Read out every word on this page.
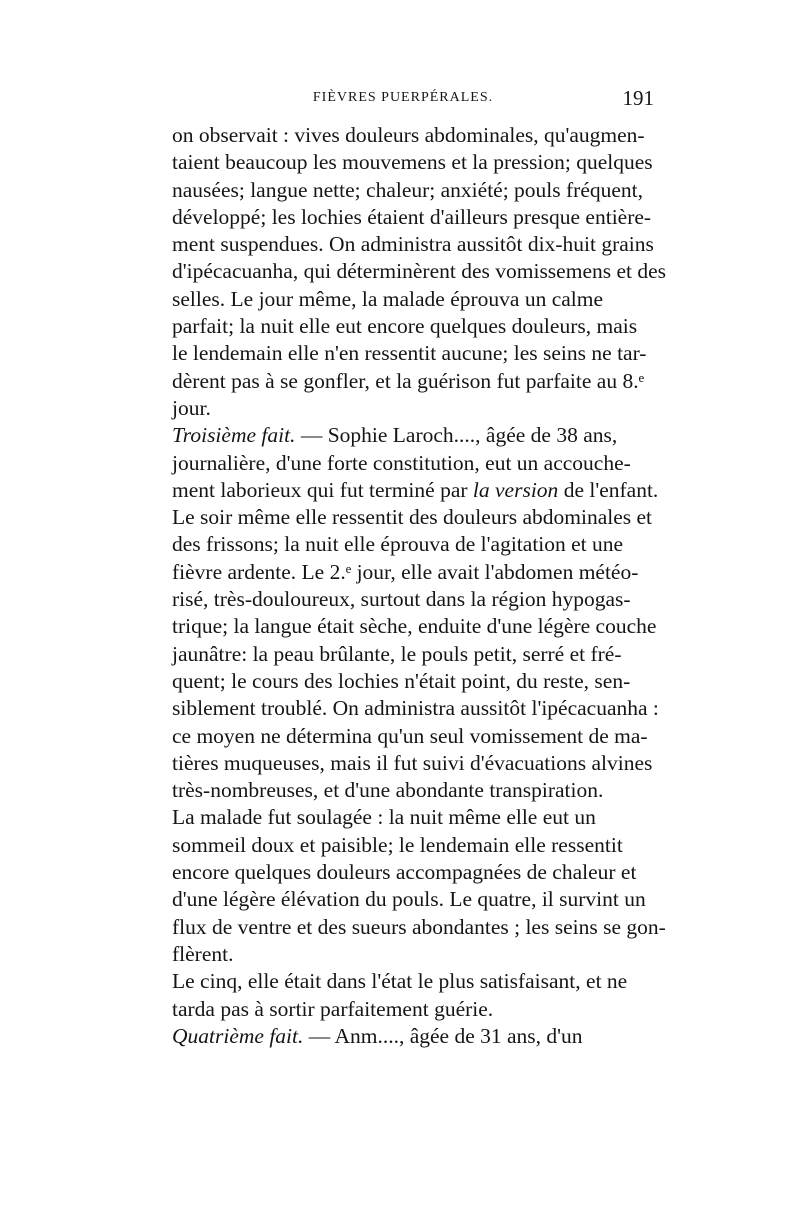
FIÈVRES PUERPÉRALES.	191
on observait : vives douleurs abdominales, qu'augmen-
taient beaucoup les mouvemens et la pression; quelques
nausées; langue nette; chaleur; anxiété; pouls fréquent,
développé; les lochies étaient d'ailleurs presque entière-
ment suspendues. On administra aussitôt dix-huit grains
d'ipécacuanha, qui déterminèrent des vomissemens et des
selles. Le jour même, la malade éprouva un calme
parfait; la nuit elle eut encore quelques douleurs, mais
le lendemain elle n'en ressentit aucune; les seins ne tar-
dèrent pas à se gonfler, et la guérison fut parfaite au 8.ᵉ
jour.
Troisième fait. — Sophie Laroch...., âgée de 38 ans,
journalière, d'une forte constitution, eut un accouche-
ment laborieux qui fut terminé par la version de l'enfant.
Le soir même elle ressentit des douleurs abdominales et
des frissons; la nuit elle éprouva de l'agitation et une
fièvre ardente. Le 2.ᵉ jour, elle avait l'abdomen météo-
risé, très-douloureux, surtout dans la région hypogas-
trique; la langue était sèche, enduite d'une légère couche
jaunâtre: la peau brûlante, le pouls petit, serré et fré-
quent; le cours des lochies n'était point, du reste, sen-
siblement troublé. On administra aussitôt l'ipécacuanha :
ce moyen ne détermina qu'un seul vomissement de ma-
tières muqueuses, mais il fut suivi d'évacuations alvines
très-nombreuses, et d'une abondante transpiration.
La malade fut soulagée : la nuit même elle eut un
sommeil doux et paisible; le lendemain elle ressentit
encore quelques douleurs accompagnées de chaleur et
d'une légère élévation du pouls. Le quatre, il survint un
flux de ventre et des sueurs abondantes ; les seins se gon-
flèrent.
Le cinq, elle était dans l'état le plus satisfaisant, et ne
tarda pas à sortir parfaitement guérie.
Quatrième fait. — Anm...., âgée de 31 ans, d'un
